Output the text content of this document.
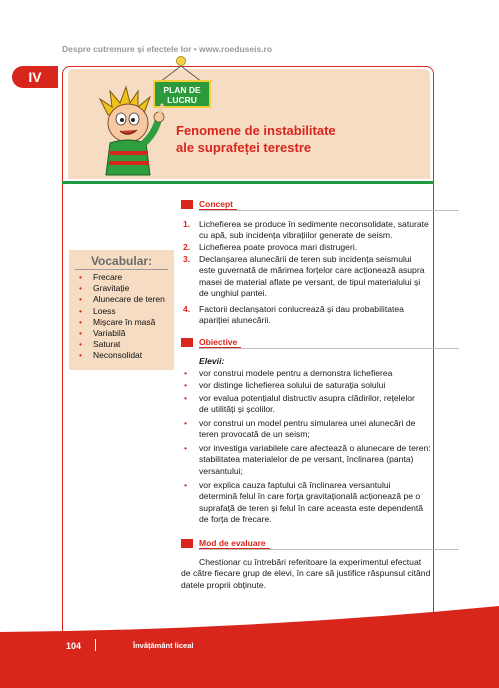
Despre cutremure și efectele lor • www.roeduseis.ro
IV
PLAN DE
LUCRU
Fenomene de instabilitate
ale suprafeței terestre
Vocabular:
•	Frecare
•	Gravitație
•	Alunecare de teren
•	Loess
•	Mișcare în masă
•	Variabilă
•	Saturat
•	Neconsolidat
Concept
1. Lichefierea se produce în sedimente neconsolidate, saturate
cu apă, sub incidența vibrațiilor generate de seism.
2. Lichefierea poate provoca mari distrugeri.
3. Declanșarea alunecării de teren sub incidența seismului
este guvernată de mărimea forțelor care acționează asupra
masei de material aflate pe versant, de tipul materialului și
de unghiul pantei.
4. Factorii declanșatori conlucrează și dau probabilitatea
apariției alunecării.
Obiective
Elevii:
• vor construi modele pentru a demonstra lichefierea
• vor distinge lichefierea solului de saturația solului
• vor evalua potențialul distructiv asupra clădirilor, rețelelor
de utilități și școlilor.
• vor construi un model pentru simularea unei alunecări de
teren provocată de un seism;
• vor investiga variabilele care afectează o alunecare de teren:
stabilitatea materialelor de pe versant, înclinarea (panta)
versantului;
• vor explica cauza faptului că înclinarea versantului
determină felul în care forța gravitațională acționează pe o
suprafață de teren și felul în care aceasta este dependentă
de forța de frecare.
Mod de evaluare
Chestionar cu întrebări referitoare la experimentul efectuat
de către fiecare grup de elevi, în care să justifice răspunsul citând
datele proprii obținute.
104	Învățământ liceal
